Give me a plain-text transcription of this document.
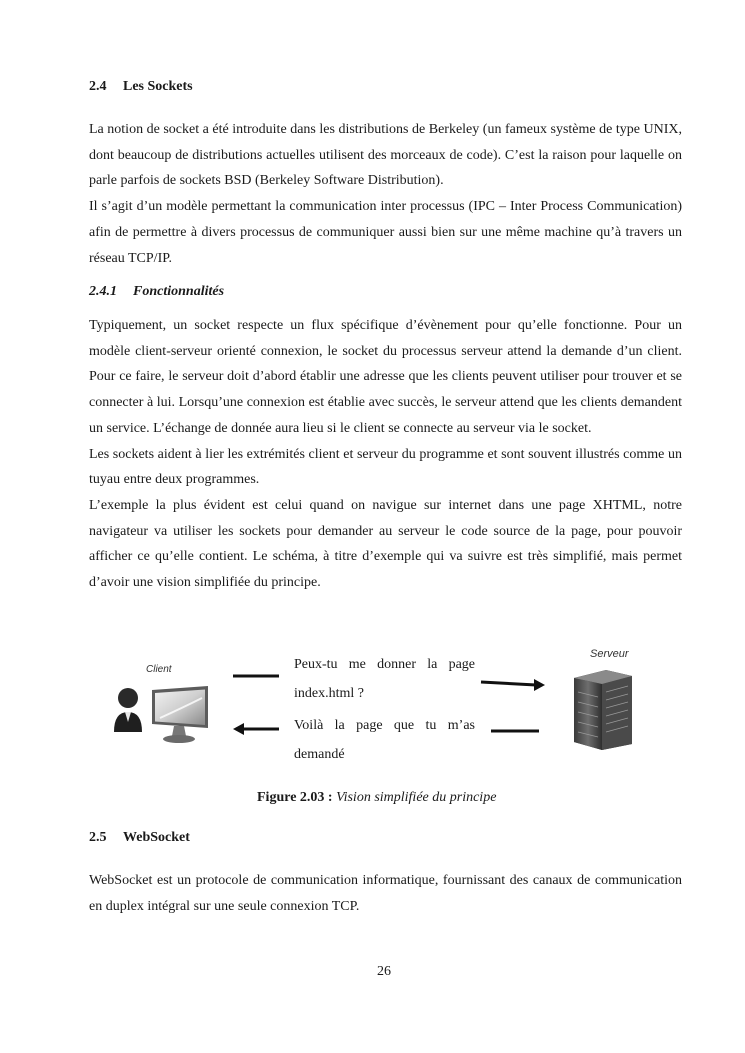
2.4 Les Sockets

La notion de socket a été introduite dans les distributions de Berkeley (un fameux système de type UNIX, dont beaucoup de distributions actuelles utilisent des morceaux de code). C’est la raison pour laquelle on parle parfois de sockets BSD (Berkeley Software Distribution).

Il s’agit d’un modèle permettant la communication inter processus (IPC – Inter Process Communication) afin de permettre à divers processus de communiquer aussi bien sur une même machine qu’à travers un réseau TCP/IP.

2.4.1 Fonctionnalités

Typiquement, un socket respecte un flux spécifique d’évènement pour qu’elle fonctionne. Pour un modèle client-serveur orienté connexion, le socket du processus serveur attend la demande d’un client. Pour ce faire, le serveur doit d’abord établir une adresse que les clients peuvent utiliser pour trouver et se connecter à lui. Lorsqu’une connexion est établie avec succès, le serveur attend que les clients demandent un service. L’échange de donnée aura lieu si le client se connecte au serveur via le socket.

Les sockets aident à lier les extrémités client et serveur du programme et sont souvent illustrés comme un tuyau entre deux programmes.

L’exemple la plus évident est celui quand on navigue sur internet dans une page XHTML, notre navigateur va utiliser les sockets pour demander au serveur le code source de la page, pour pouvoir afficher ce qu’elle contient. Le schéma, à titre d’exemple qui va suivre est très simplifié, mais permet d’avoir une vision simplifiée du principe.

Client	Peux-tu me donner la page index.html ?
Voilà la page que tu m’as demandé
Serveur
Figure 2.03 : Vision simplifiée du principe
2.5 WebSocket

WebSocket est un protocole de communication informatique, fournissant des canaux de communication en duplex intégral sur une seule connexion TCP.

26
